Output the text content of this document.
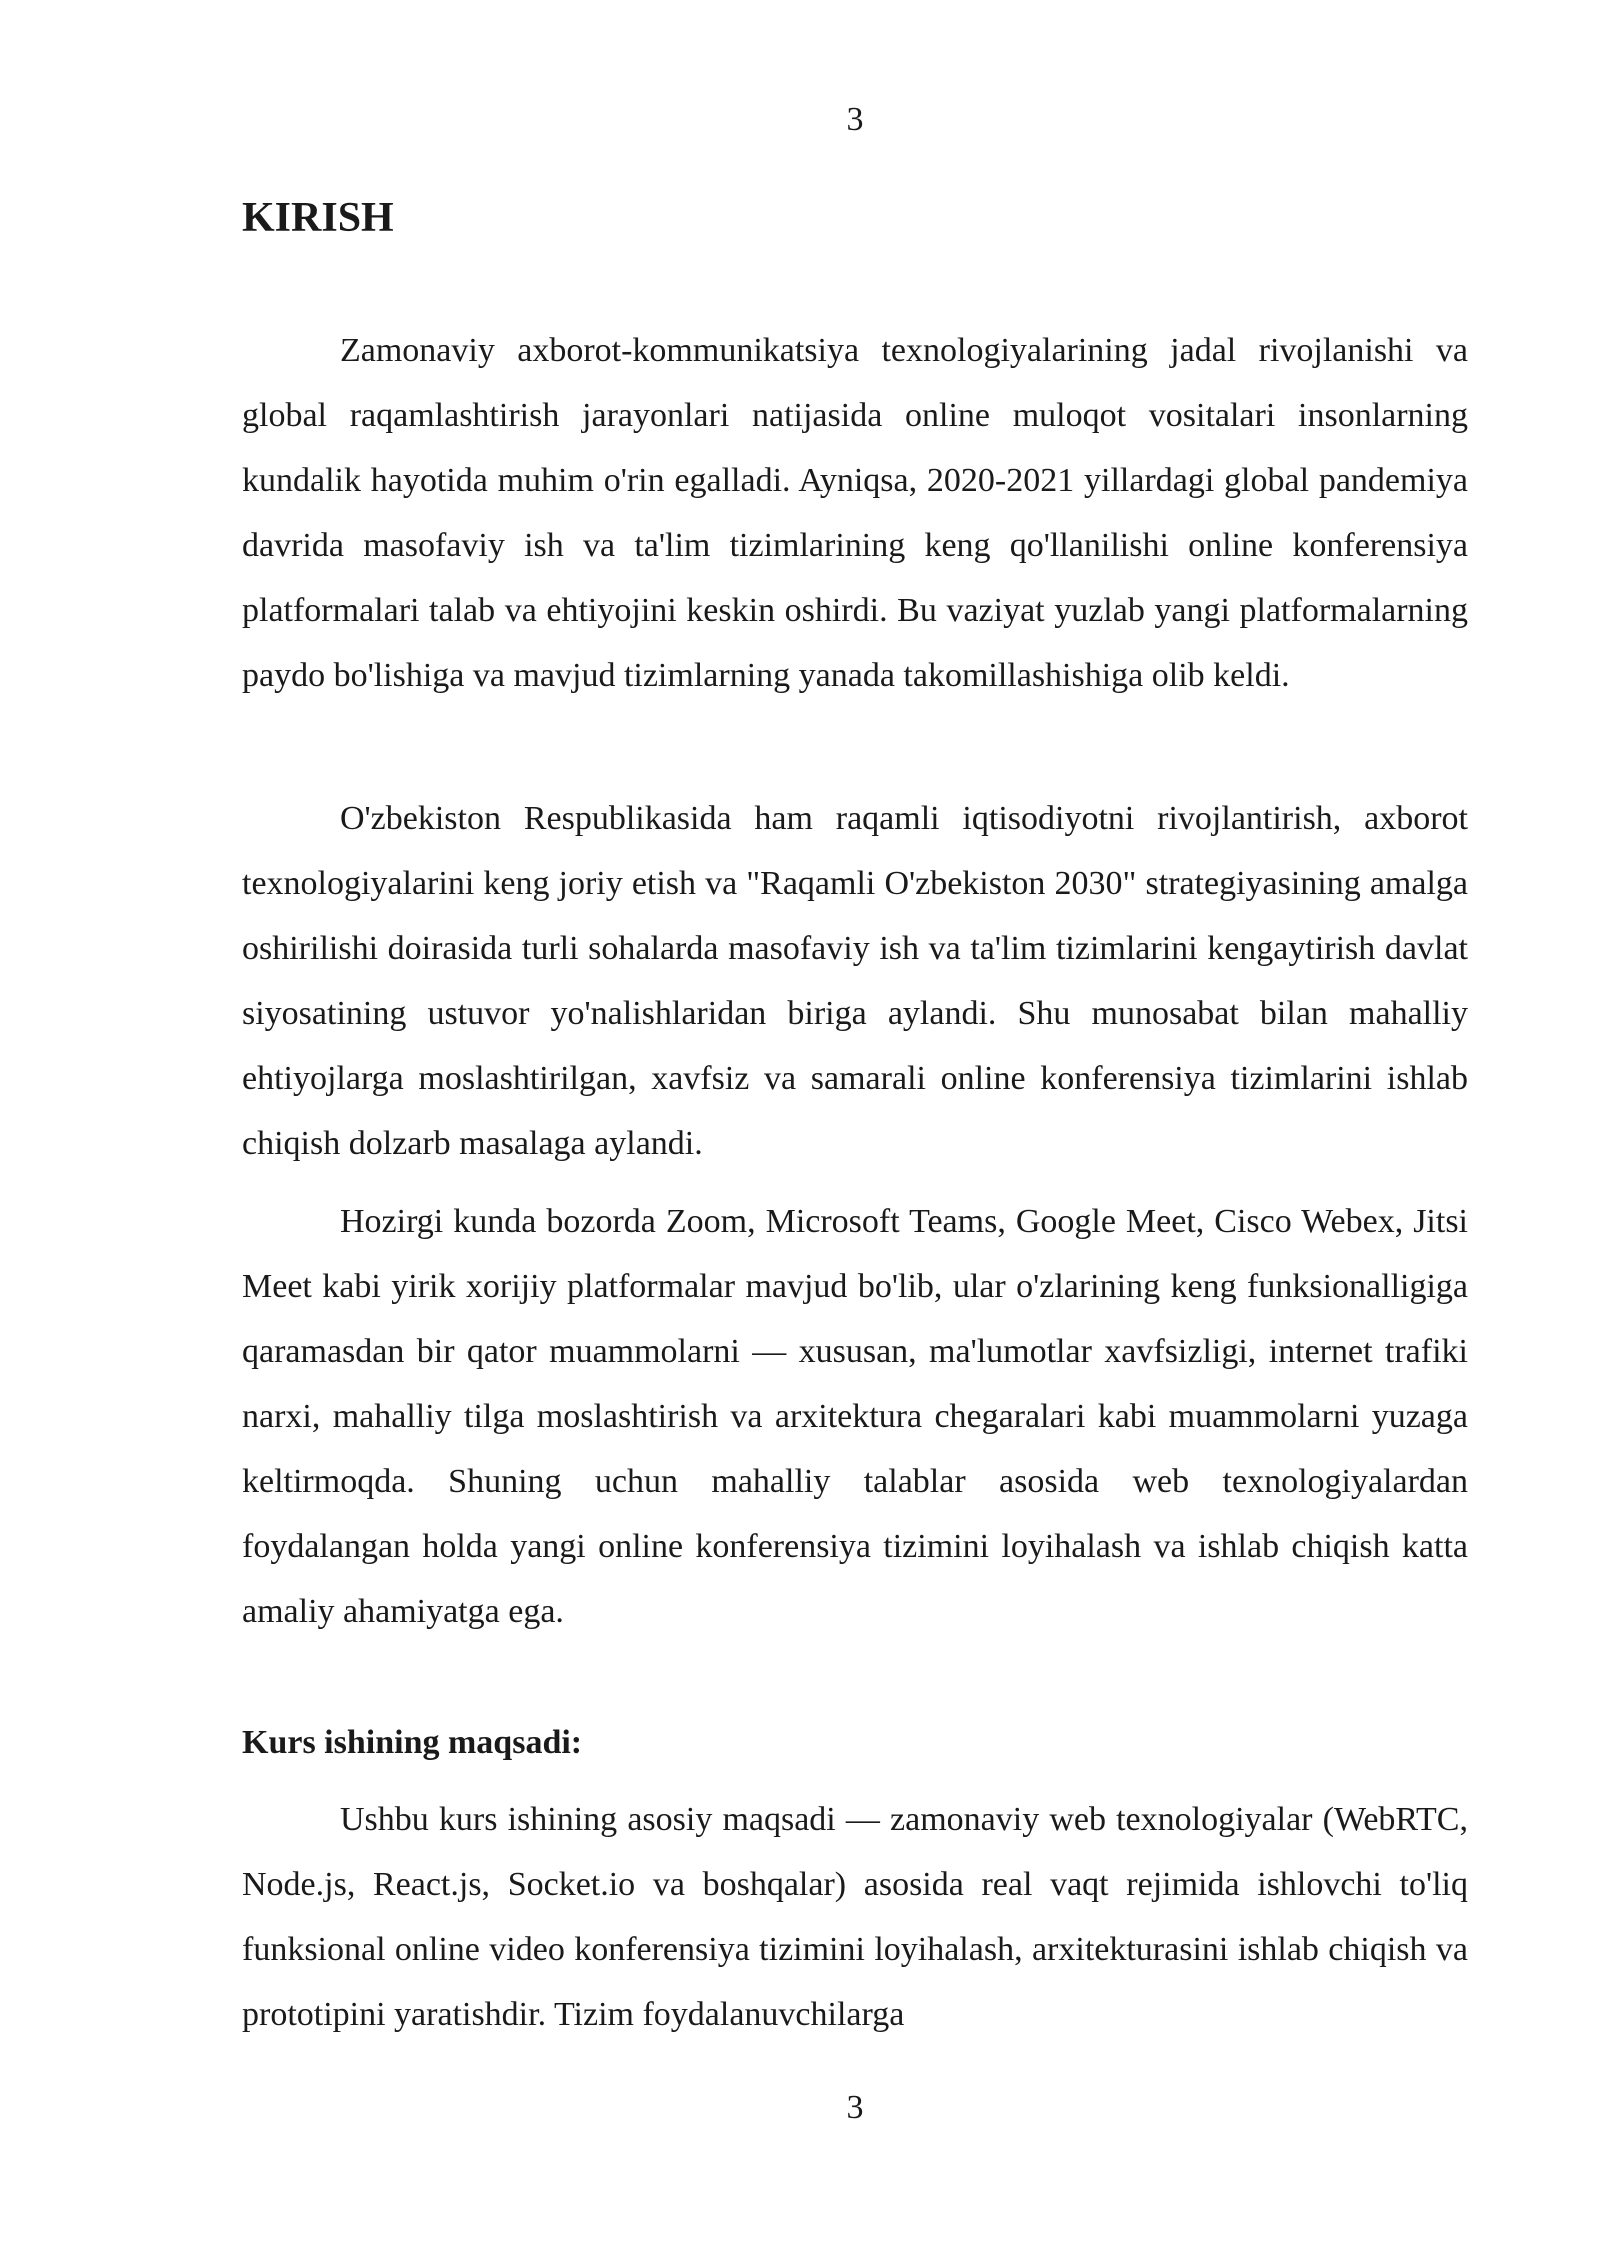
3
KIRISH

Zamonaviy axborot-kommunikatsiya texnologiyalarining jadal rivojlanishi va global raqamlashtirish jarayonlari natijasida online muloqot vositalari insonlarning kundalik hayotida muhim o'rin egalladi. Ayniqsa, 2020-2021 yillardagi global pandemiya davrida masofaviy ish va ta'lim tizimlarining keng qo'llanilishi online konferensiya platformalari talab va ehtiyojini keskin oshirdi. Bu vaziyat yuzlab yangi platformalarning paydo bo'lishiga va mavjud tizimlarning yanada takomillashishiga olib keldi.

O'zbekiston Respublikasida ham raqamli iqtisodiyotni rivojlantirish, axborot texnologiyalarini keng joriy etish va "Raqamli O'zbekiston 2030" strategiyasining amalga oshirilishi doirasida turli sohalarda masofaviy ish va ta'lim tizimlarini kengaytirish davlat siyosatining ustuvor yo'nalishlaridan biriga aylandi. Shu munosabat bilan mahalliy ehtiyojlarga moslashtirilgan, xavfsiz va samarali online konferensiya tizimlarini ishlab chiqish dolzarb masalaga aylandi.

Hozirgi kunda bozorda Zoom, Microsoft Teams, Google Meet, Cisco Webex, Jitsi Meet kabi yirik xorijiy platformalar mavjud bo'lib, ular o'zlarining keng funksionalligiga qaramasdan bir qator muammolarni — xususan, ma'lumotlar xavfsizligi, internet trafiki narxi, mahalliy tilga moslashtirish va arxitektura chegaralari kabi muammolarni yuzaga keltirmoqda. Shuning uchun mahalliy talablar asosida web texnologiyalardan foydalangan holda yangi online konferensiya tizimini loyihalash va ishlab chiqish katta amaliy ahamiyatga ega.

Kurs ishining maqsadi:

Ushbu kurs ishining asosiy maqsadi — zamonaviy web texnologiyalar (WebRTC, Node.js, React.js, Socket.io va boshqalar) asosida real vaqt rejimida ishlovchi to'liq funksional online video konferensiya tizimini loyihalash, arxitekturasini ishlab chiqish va prototipini yaratishdir. Tizim foydalanuvchilarga

3
